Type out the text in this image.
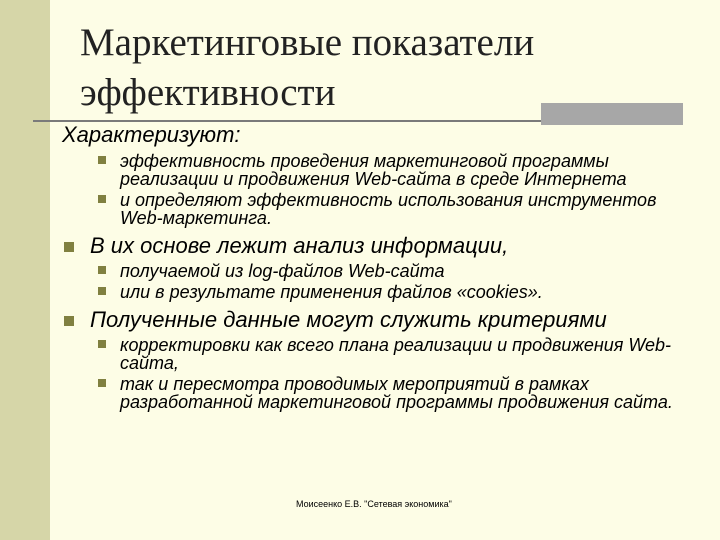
Маркетинговые показатели
эффективности
Характеризуют:
эффективность проведения маркетинговой программы реализации и продвижения Web-сайта в среде Интернета
и определяют эффективность использования инструментов Web-маркетинга.
В их основе лежит анализ информации,
получаемой из log-файлов Web-сайта
или в результате применения файлов «cookies».
Полученные данные могут служить критериями
корректировки как всего плана реализации и продвижения Web-сайта,
так и пересмотра проводимых мероприятий в рамках разработанной маркетинговой программы продвижения сайта.
Моисеенко Е.В. "Сетевая экономика"
